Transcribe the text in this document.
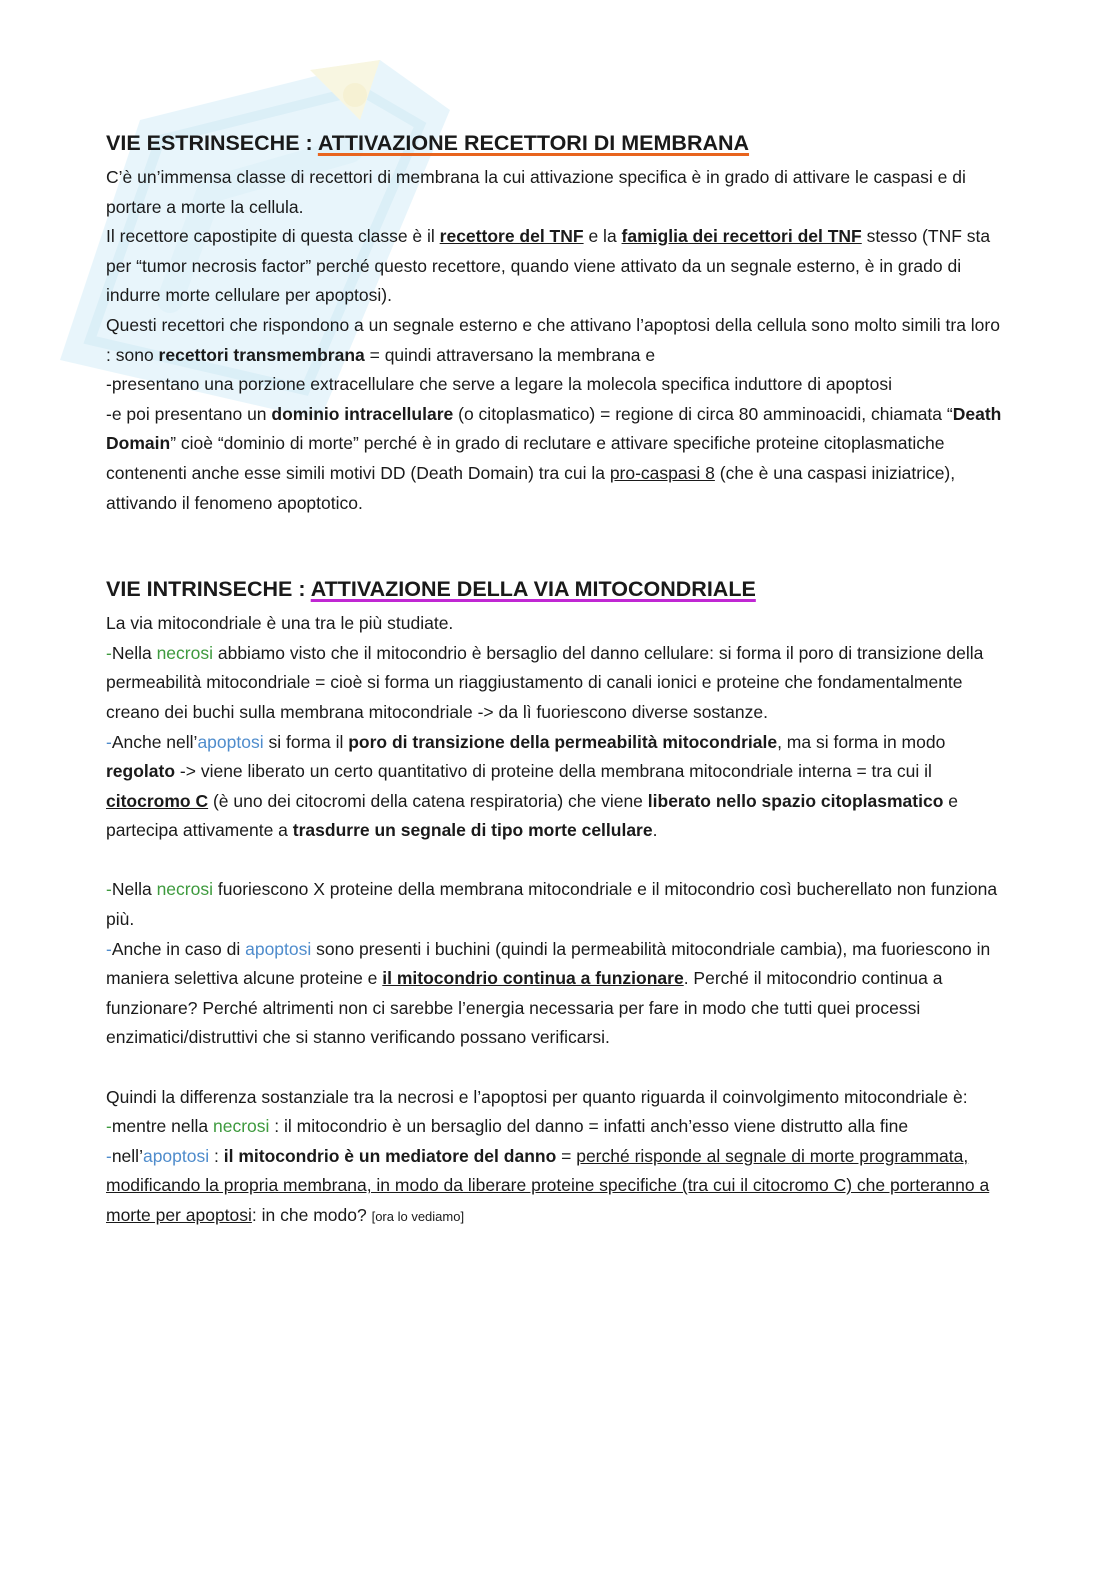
VIE ESTRINSECHE : ATTIVAZIONE RECETTORI DI MEMBRANA

C’è un’immensa classe di recettori di membrana la cui attivazione specifica è in grado di attivare le caspasi e di portare a morte la cellula.

Il recettore capostipite di questa classe è il recettore del TNF e la famiglia dei recettori del TNF stesso (TNF sta per “tumor necrosis factor” perché questo recettore, quando viene attivato da un segnale esterno, è in grado di indurre morte cellulare per apoptosi).

Questi recettori che rispondono a un segnale esterno e che attivano l’apoptosi della cellula sono molto simili tra loro : sono recettori transmembrana = quindi attraversano la membrana e

-presentano una porzione extracellulare che serve a legare la molecola specifica induttore di apoptosi

-e poi presentano un dominio intracellulare (o citoplasmatico) = regione di circa 80 amminoacidi, chiamata “Death Domain” cioè “dominio di morte” perché è in grado di reclutare e attivare specifiche proteine citoplasmatiche contenenti anche esse simili motivi DD (Death Domain) tra cui la pro-caspasi 8 (che è una caspasi iniziatrice), attivando il fenomeno apoptotico.

VIE INTRINSECHE : ATTIVAZIONE DELLA VIA MITOCONDRIALE

La via mitocondriale è una tra le più studiate.

-Nella necrosi abbiamo visto che il mitocondrio è bersaglio del danno cellulare: si forma il poro di transizione della permeabilità mitocondriale = cioè si forma un riaggiustamento di canali ionici e proteine che fondamentalmente creano dei buchi sulla membrana mitocondriale -> da lì fuoriescono diverse sostanze.

-Anche nell’apoptosi si forma il poro di transizione della permeabilità mitocondriale, ma si forma in modo regolato -> viene liberato un certo quantitativo di proteine della membrana mitocondriale interna = tra cui il citocromo C (è uno dei citocromi della catena respiratoria) che viene liberato nello spazio citoplasmatico e partecipa attivamente a trasdurre un segnale di tipo morte cellulare.

-Nella necrosi fuoriescono X proteine della membrana mitocondriale e il mitocondrio così bucherellato non funziona più.

-Anche in caso di apoptosi sono presenti i buchini (quindi la permeabilità mitocondriale cambia), ma fuoriescono in maniera selettiva alcune proteine e il mitocondrio continua a funzionare. Perché il mitocondrio continua a funzionare? Perché altrimenti non ci sarebbe l’energia necessaria per fare in modo che tutti quei processi enzimatici/distruttivi che si stanno verificando possano verificarsi.

Quindi la differenza sostanziale tra la necrosi e l’apoptosi per quanto riguarda il coinvolgimento mitocondriale è:

-mentre nella necrosi : il mitocondrio è un bersaglio del danno = infatti anch’esso viene distrutto alla fine

-nell’apoptosi : il mitocondrio è un mediatore del danno = perché risponde al segnale di morte programmata, modificando la propria membrana, in modo da liberare proteine specifiche (tra cui il citocromo C) che porteranno a morte per apoptosi: in che modo? [ora lo vediamo]
